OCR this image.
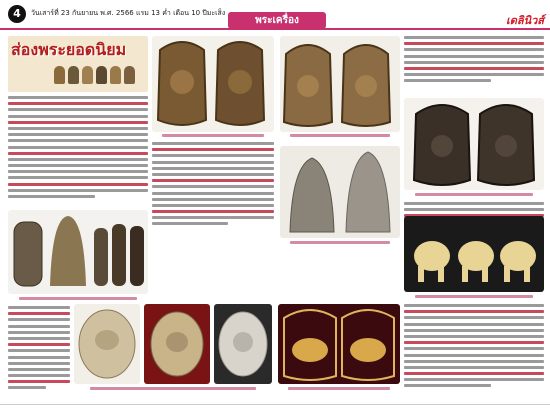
4	วันเสาร์ที่ 23 กันยายน พ.ศ. 2566 แรม 13 ค่ำ เดือน 10 ปีมะเส็ง
พระเครื่อง	เดลินิวส์
ส่องพระยอดนิยม
